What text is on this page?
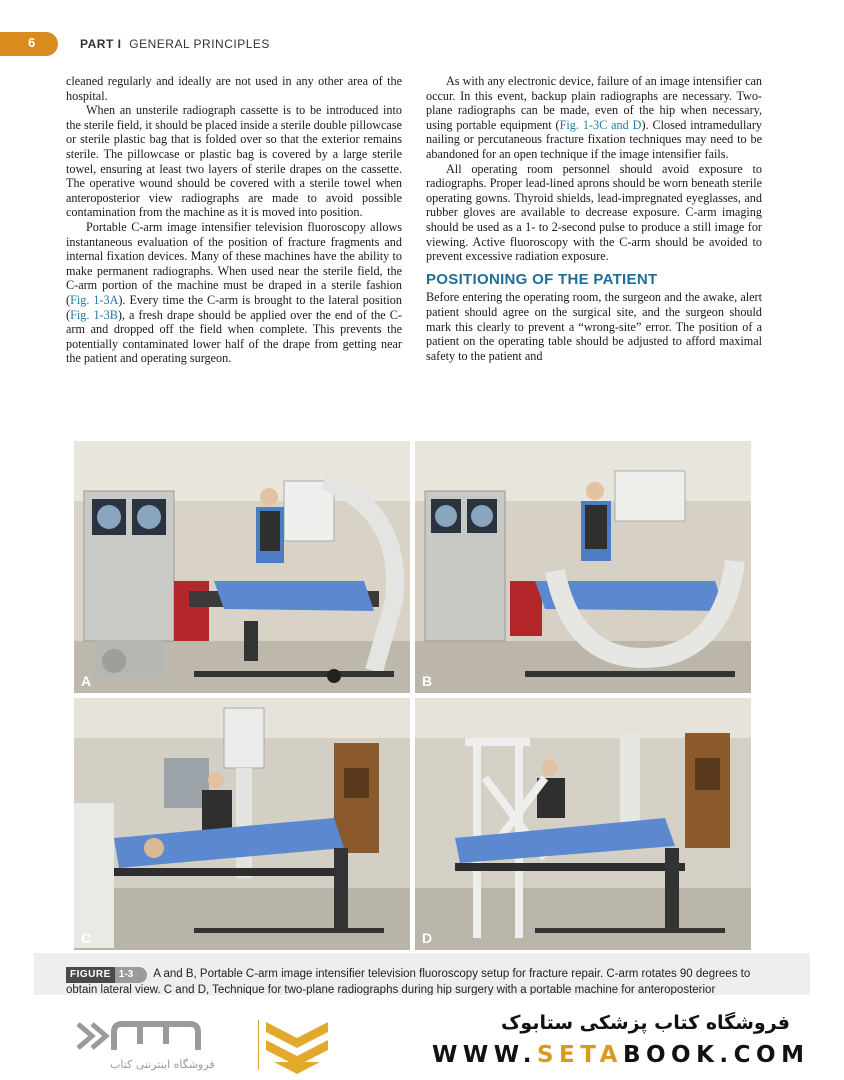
6	PART I GENERAL PRINCIPLES

cleaned regularly and ideally are not used in any other area of the hospital.

When an unsterile radiograph cassette is to be introduced into the sterile field, it should be placed inside a sterile double pillowcase or sterile plastic bag that is folded over so that the exterior remains sterile. The pillowcase or plastic bag is covered by a large sterile towel, ensuring at least two layers of sterile drapes on the cassette. The operative wound should be covered with a sterile towel when anteroposterior view radiographs are made to avoid possible contamination from the machine as it is moved into position.

Portable C-arm image intensifier television fluoroscopy allows instantaneous evaluation of the position of fracture fragments and internal fixation devices. Many of these machines have the ability to make permanent radiographs. When used near the sterile field, the C-arm portion of the machine must be draped in a sterile fashion (Fig. 1-3A). Every time the C-arm is brought to the lateral position (Fig. 1-3B), a fresh drape should be applied over the end of the C-arm and dropped off the field when complete. This prevents the potentially contaminated lower half of the drape from getting near the patient and operating surgeon.

As with any electronic device, failure of an image intensifier can occur. In this event, backup plain radiographs are necessary. Two-plane radiographs can be made, even of the hip when necessary, using portable equipment (Fig. 1-3C and D). Closed intramedullary nailing or percutaneous fracture fixation techniques may need to be abandoned for an open technique if the image intensifier fails.

All operating room personnel should avoid exposure to radiographs. Proper lead-lined aprons should be worn beneath sterile operating gowns. Thyroid shields, lead-impregnated eyeglasses, and rubber gloves are available to decrease exposure. C-arm imaging should be used as a 1- to 2-second pulse to produce a still image for viewing. Active fluoroscopy with the C-arm should be avoided to prevent excessive radiation exposure.

POSITIONING OF THE PATIENT

Before entering the operating room, the surgeon and the awake, alert patient should agree on the surgical site, and the surgeon should mark this clearly to prevent a “wrong-site” error. The position of a patient on the operating table should be adjusted to afford maximal safety to the patient and

A	B
C	D
FIGURE 1-3 A and B, Portable C-arm image intensifier television fluoroscopy setup for fracture repair. C-arm rotates 90 degrees to obtain lateral view. C and D, Technique for two-plane radiographs during hip surgery with a portable machine for anteroposterior
فروشگاه اینترنتی کتاب
فروشگاه کتاب پزشکی ستابوک
WWW.SETABOOK.COM
